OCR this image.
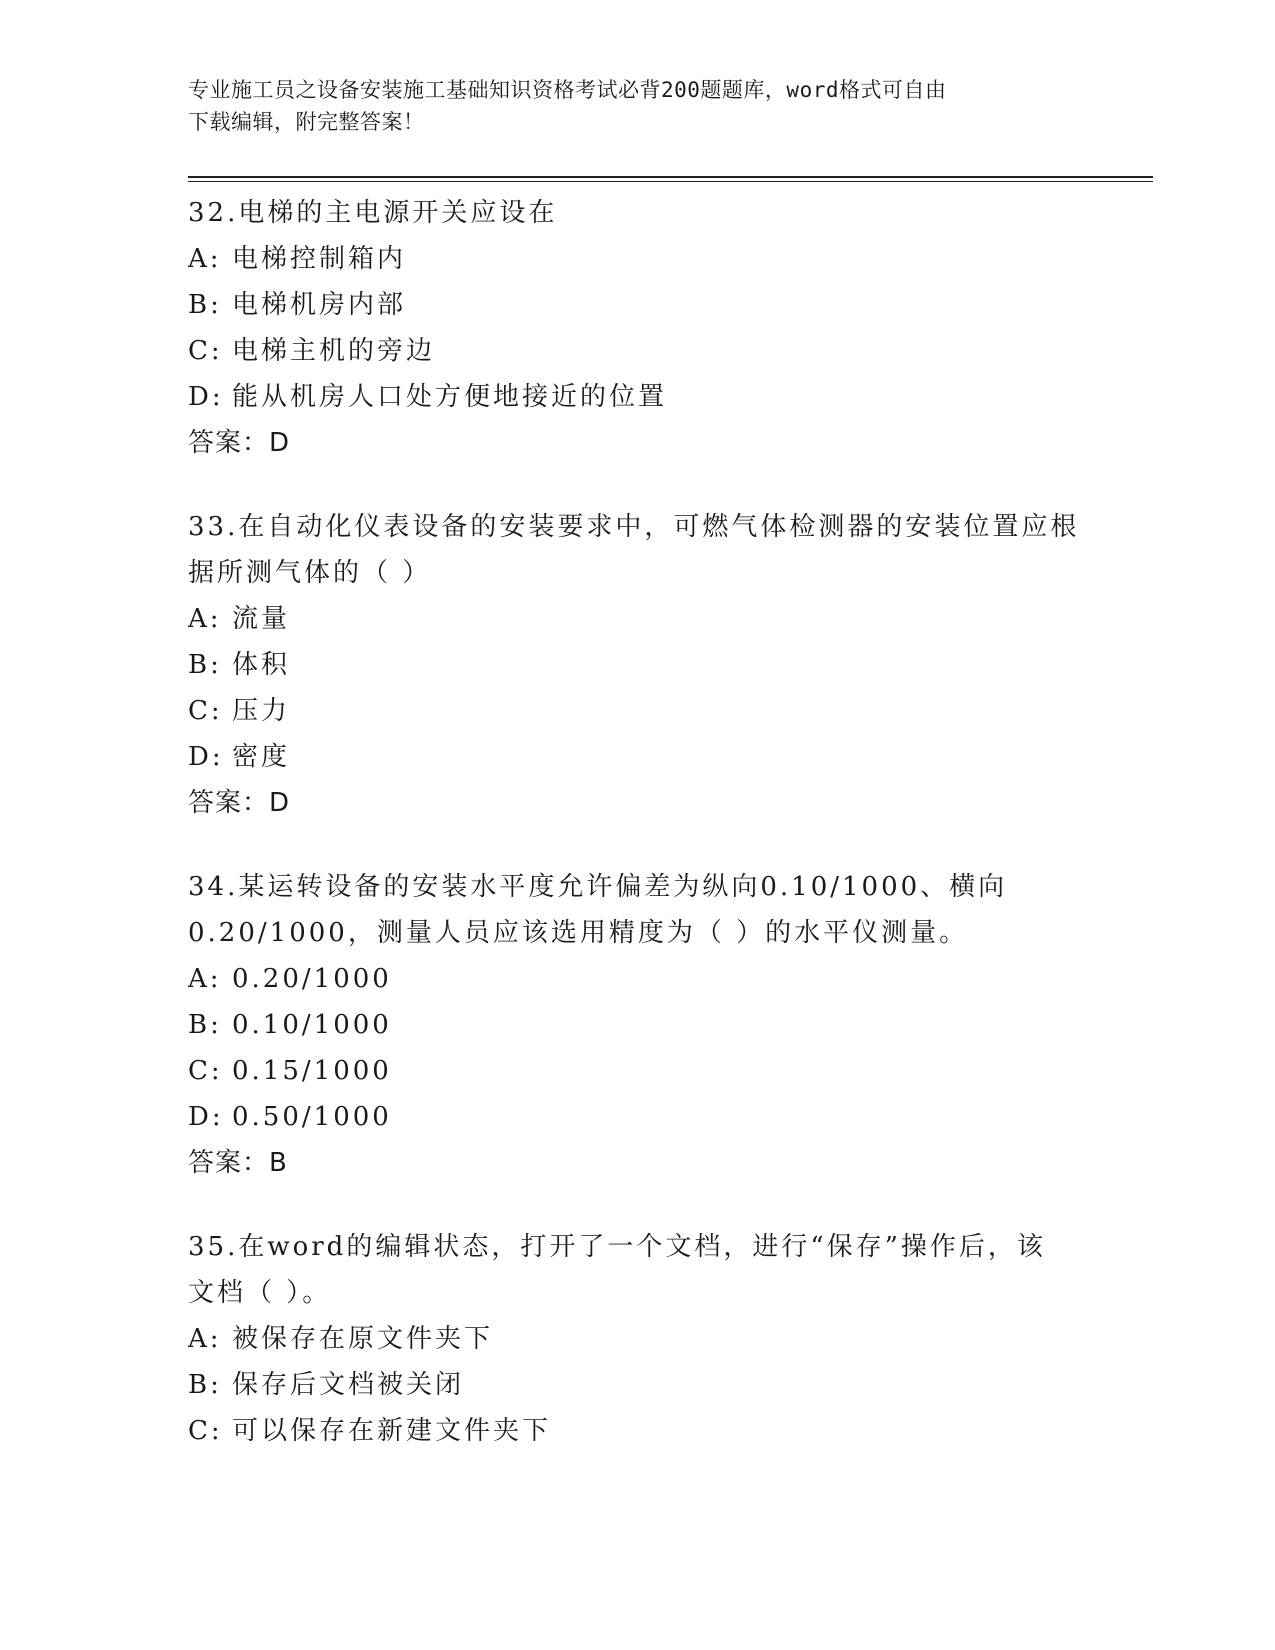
专业施工员之设备安装施工基础知识资格考试必背200题题库，word格式可自由
下载编辑，附完整答案！
32.电梯的主电源开关应设在
A: 电梯控制箱内
B: 电梯机房内部
C: 电梯主机的旁边
D: 能从机房人口处方便地接近的位置
答案：D
33.在自动化仪表设备的安装要求中，可燃气体检测器的安装位置应根
据所测气体的（ ）
A: 流量
B: 体积
C: 压力
D: 密度
答案：D
34.某运转设备的安装水平度允许偏差为纵向0.10/1000、横向
0.20/1000，测量人员应该选用精度为（ ）的水平仪测量。
A: 0.20/1000
B: 0.10/1000
C: 0.15/1000
D: 0.50/1000
答案：B
35.在word的编辑状态，打开了一个文档，进行“保存”操作后，该
文档（ ）。
A: 被保存在原文件夹下
B: 保存后文档被关闭
C: 可以保存在新建文件夹下
